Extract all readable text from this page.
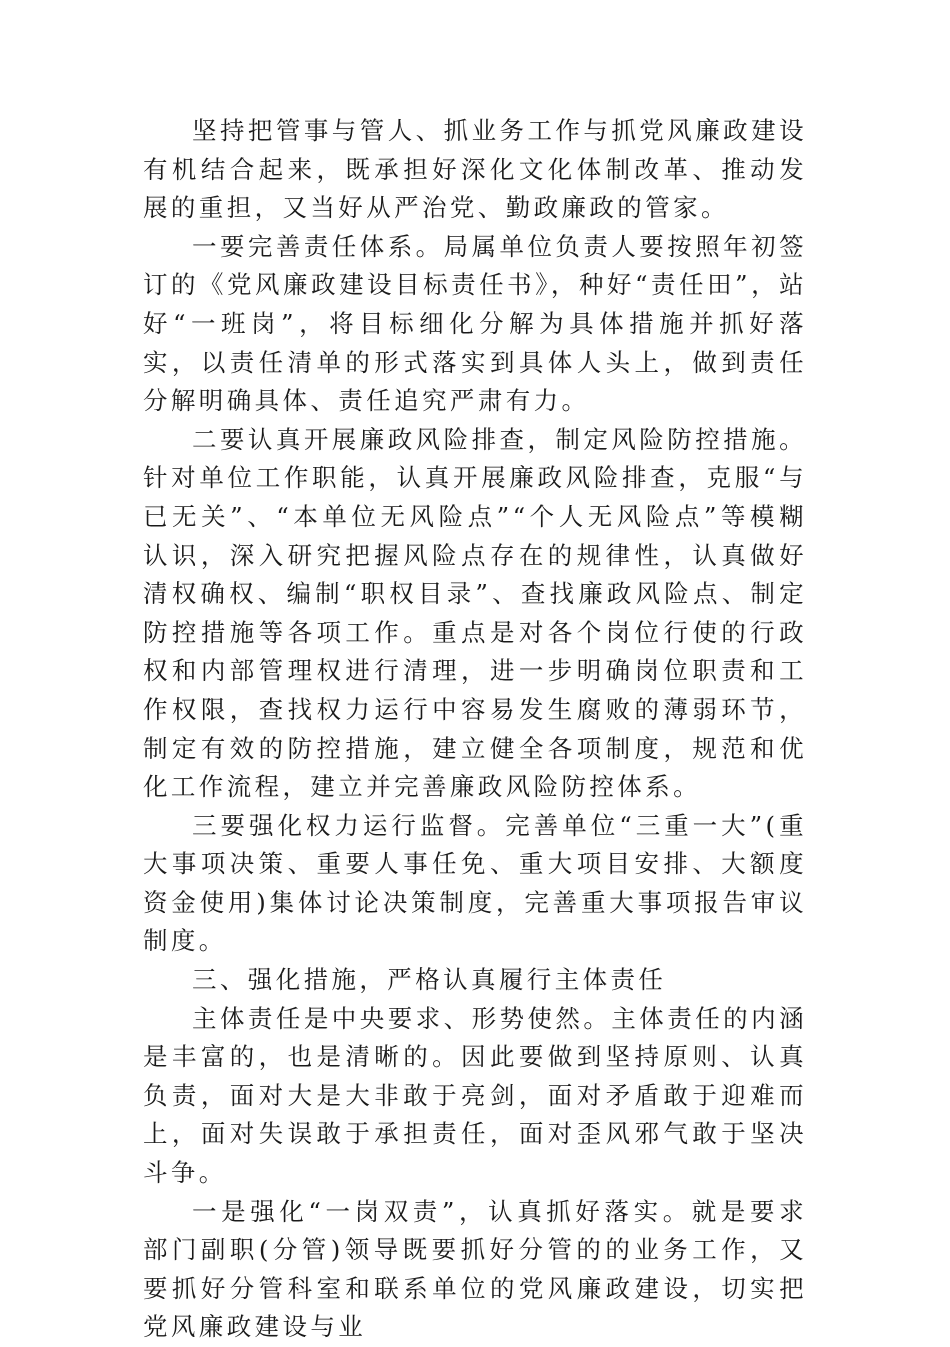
坚持把管事与管人、抓业务工作与抓党风廉政建设有机结合起来，既承担好深化文化体制改革、推动发展的重担，又当好从严治党、勤政廉政的管家。

一要完善责任体系。局属单位负责人要按照年初签订的《党风廉政建设目标责任书》，种好“责任田”，站好“一班岗”，将目标细化分解为具体措施并抓好落实，以责任清单的形式落实到具体人头上，做到责任分解明确具体、责任追究严肃有力。

二要认真开展廉政风险排查，制定风险防控措施。针对单位工作职能，认真开展廉政风险排查，克服“与已无关”、“本单位无风险点”“个人无风险点”等模糊认识，深入研究把握风险点存在的规律性，认真做好清权确权、编制“职权目录”、查找廉政风险点、制定防控措施等各项工作。重点是对各个岗位行使的行政权和内部管理权进行清理，进一步明确岗位职责和工作权限，查找权力运行中容易发生腐败的薄弱环节，制定有效的防控措施，建立健全各项制度，规范和优化工作流程，建立并完善廉政风险防控体系。

三要强化权力运行监督。完善单位“三重一大”(重大事项决策、重要人事任免、重大项目安排、大额度资金使用)集体讨论决策制度，完善重大事项报告审议制度。

三、强化措施，严格认真履行主体责任

主体责任是中央要求、形势使然。主体责任的内涵是丰富的，也是清晰的。因此要做到坚持原则、认真负责，面对大是大非敢于亮剑，面对矛盾敢于迎难而上，面对失误敢于承担责任，面对歪风邪气敢于坚决斗争。

一是强化“一岗双责”，认真抓好落实。就是要求部门副职(分管)领导既要抓好分管的的业务工作，又要抓好分管科室和联系单位的党风廉政建设，切实把党风廉政建设与业
